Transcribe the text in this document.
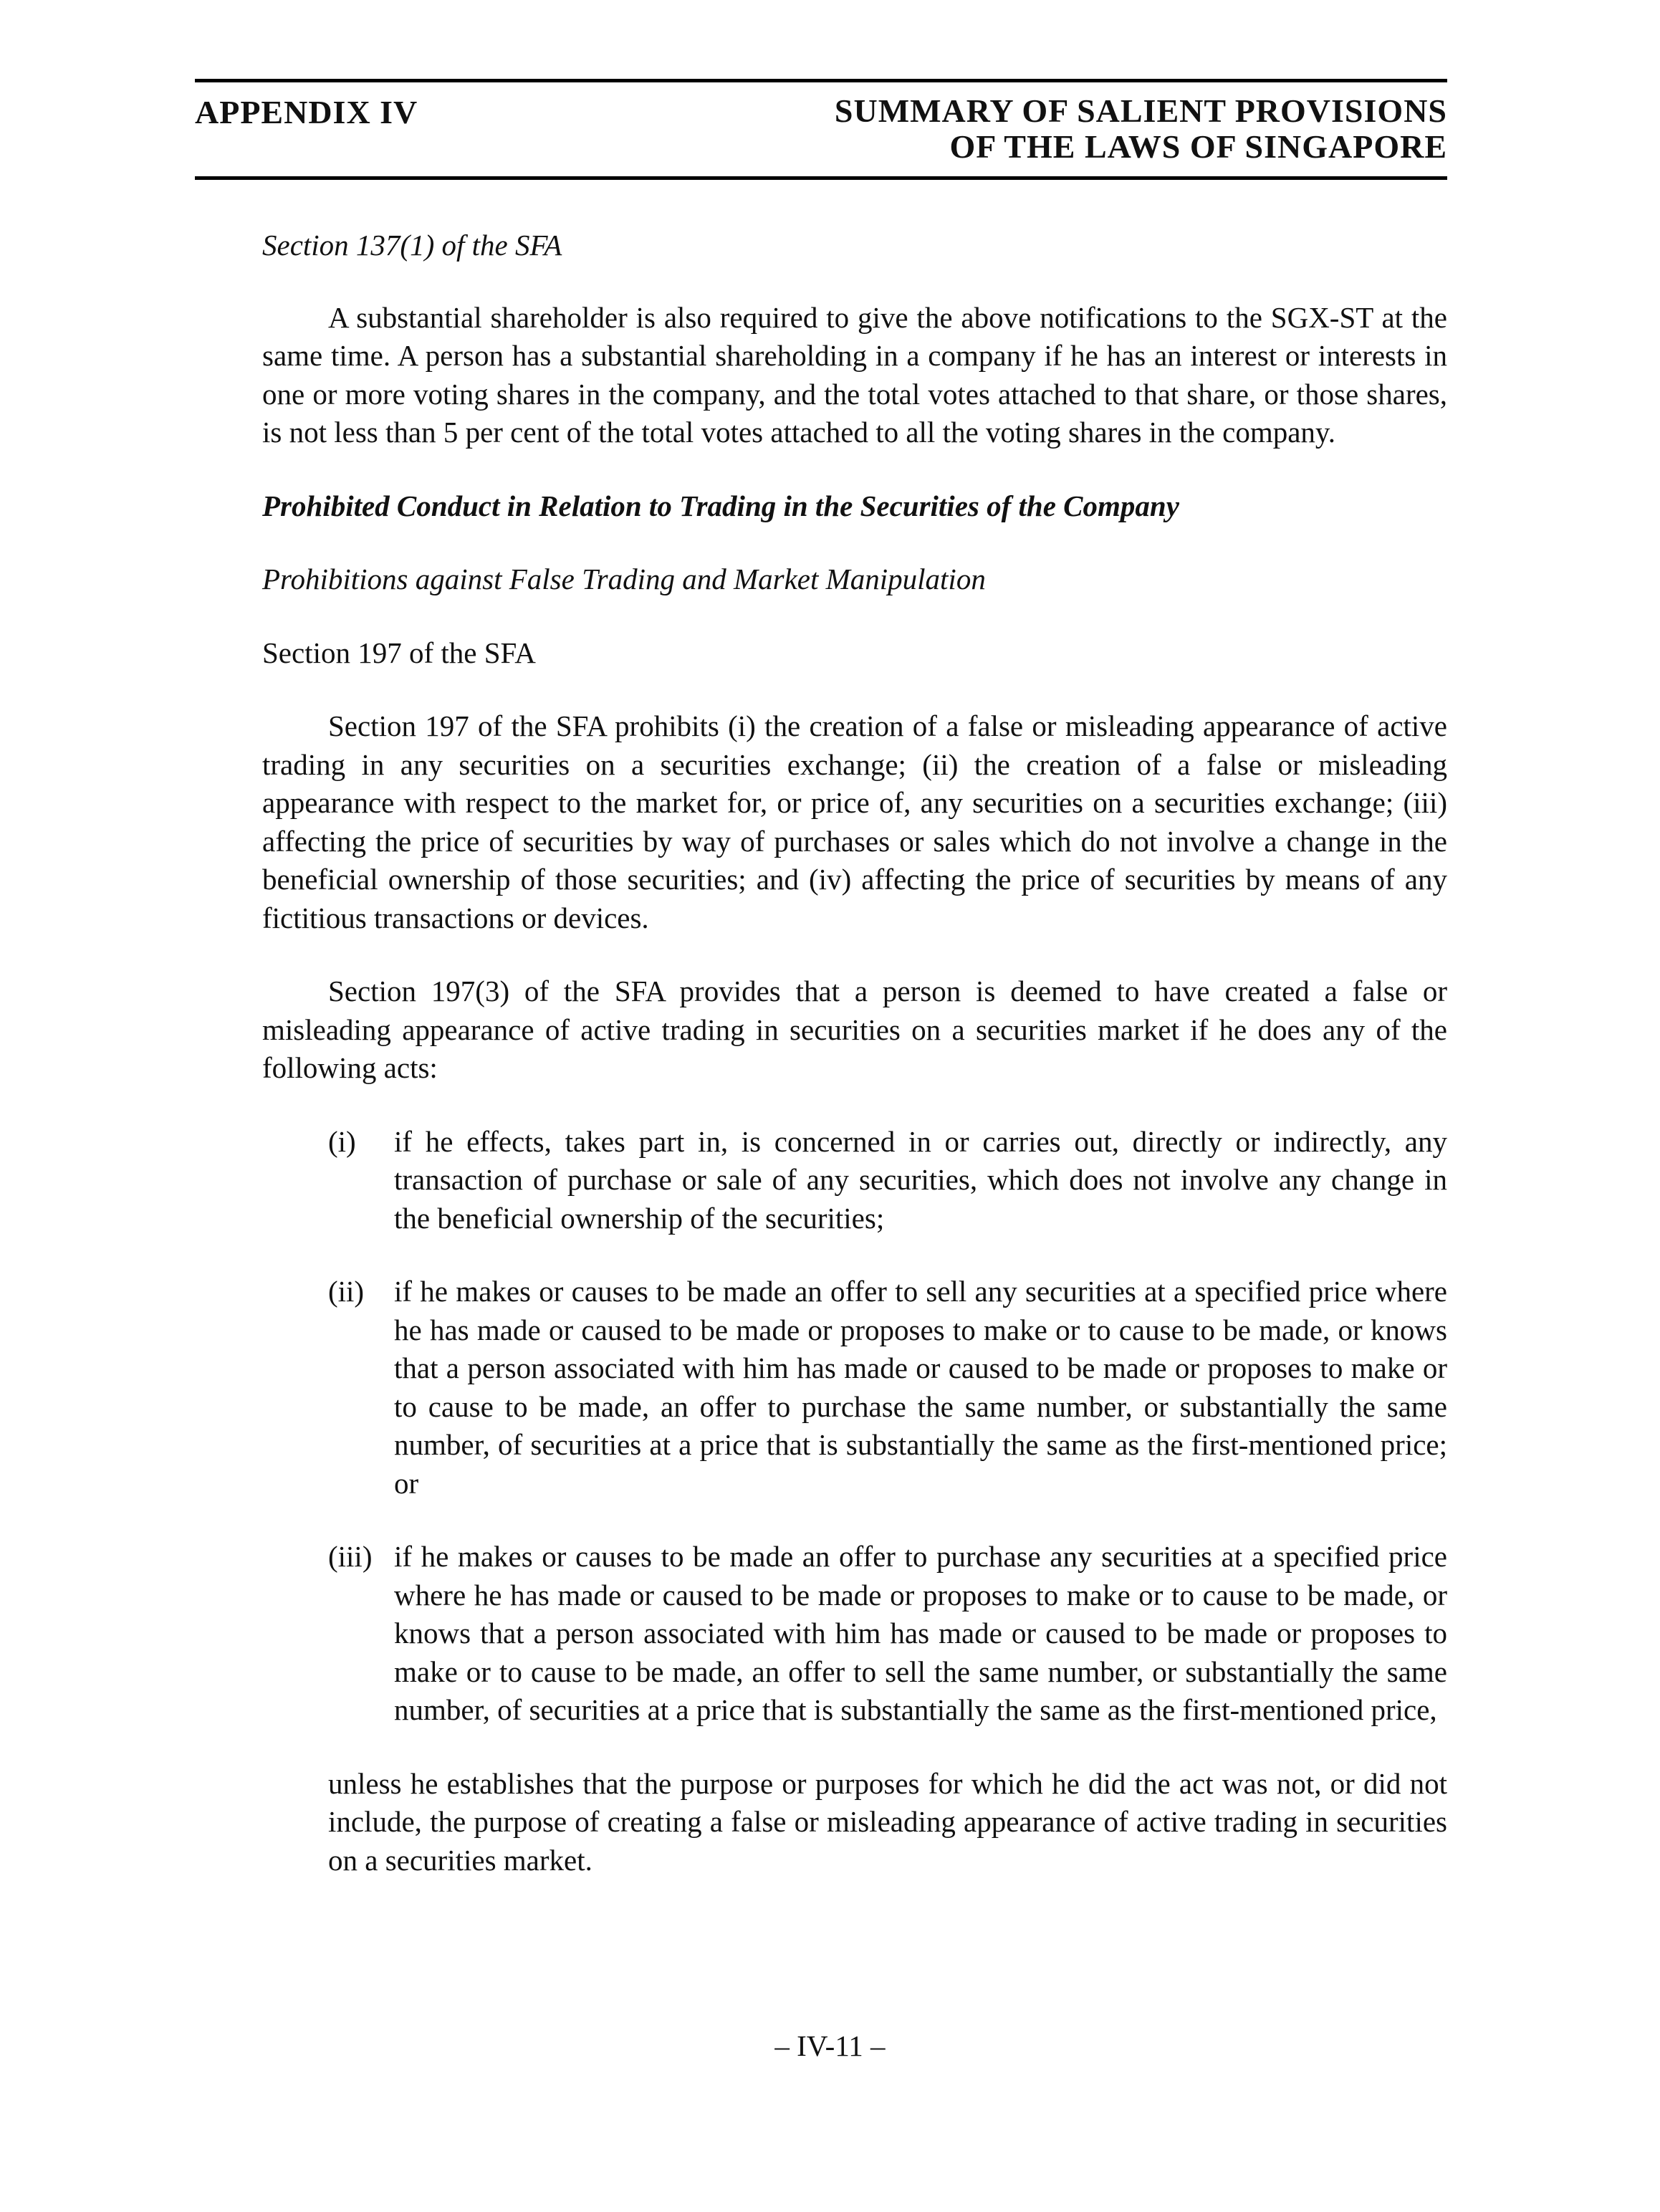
APPENDIX IV	SUMMARY OF SALIENT PROVISIONS
OF THE LAWS OF SINGAPORE

Section 137(1) of the SFA

A substantial shareholder is also required to give the above notifications to the SGX-ST at the same time. A person has a substantial shareholding in a company if he has an interest or interests in one or more voting shares in the company, and the total votes attached to that share, or those shares, is not less than 5 per cent of the total votes attached to all the voting shares in the company.

Prohibited Conduct in Relation to Trading in the Securities of the Company

Prohibitions against False Trading and Market Manipulation

Section 197 of the SFA

Section 197 of the SFA prohibits (i) the creation of a false or misleading appearance of active trading in any securities on a securities exchange; (ii) the creation of a false or misleading appearance with respect to the market for, or price of, any securities on a securities exchange; (iii) affecting the price of securities by way of purchases or sales which do not involve a change in the beneficial ownership of those securities; and (iv) affecting the price of securities by means of any fictitious transactions or devices.

Section 197(3) of the SFA provides that a person is deemed to have created a false or misleading appearance of active trading in securities on a securities market if he does any of the following acts:

(i) if he effects, takes part in, is concerned in or carries out, directly or indirectly, any transaction of purchase or sale of any securities, which does not involve any change in the beneficial ownership of the securities;
(ii) if he makes or causes to be made an offer to sell any securities at a specified price where he has made or caused to be made or proposes to make or to cause to be made, or knows that a person associated with him has made or caused to be made or proposes to make or to cause to be made, an offer to purchase the same number, or substantially the same number, of securities at a price that is substantially the same as the first-mentioned price; or
(iii) if he makes or causes to be made an offer to purchase any securities at a specified price where he has made or caused to be made or proposes to make or to cause to be made, or knows that a person associated with him has made or caused to be made or proposes to make or to cause to be made, an offer to sell the same number, or substantially the same number, of securities at a price that is substantially the same as the first-mentioned price,

unless he establishes that the purpose or purposes for which he did the act was not, or did not include, the purpose of creating a false or misleading appearance of active trading in securities on a securities market.

– IV-11 –
